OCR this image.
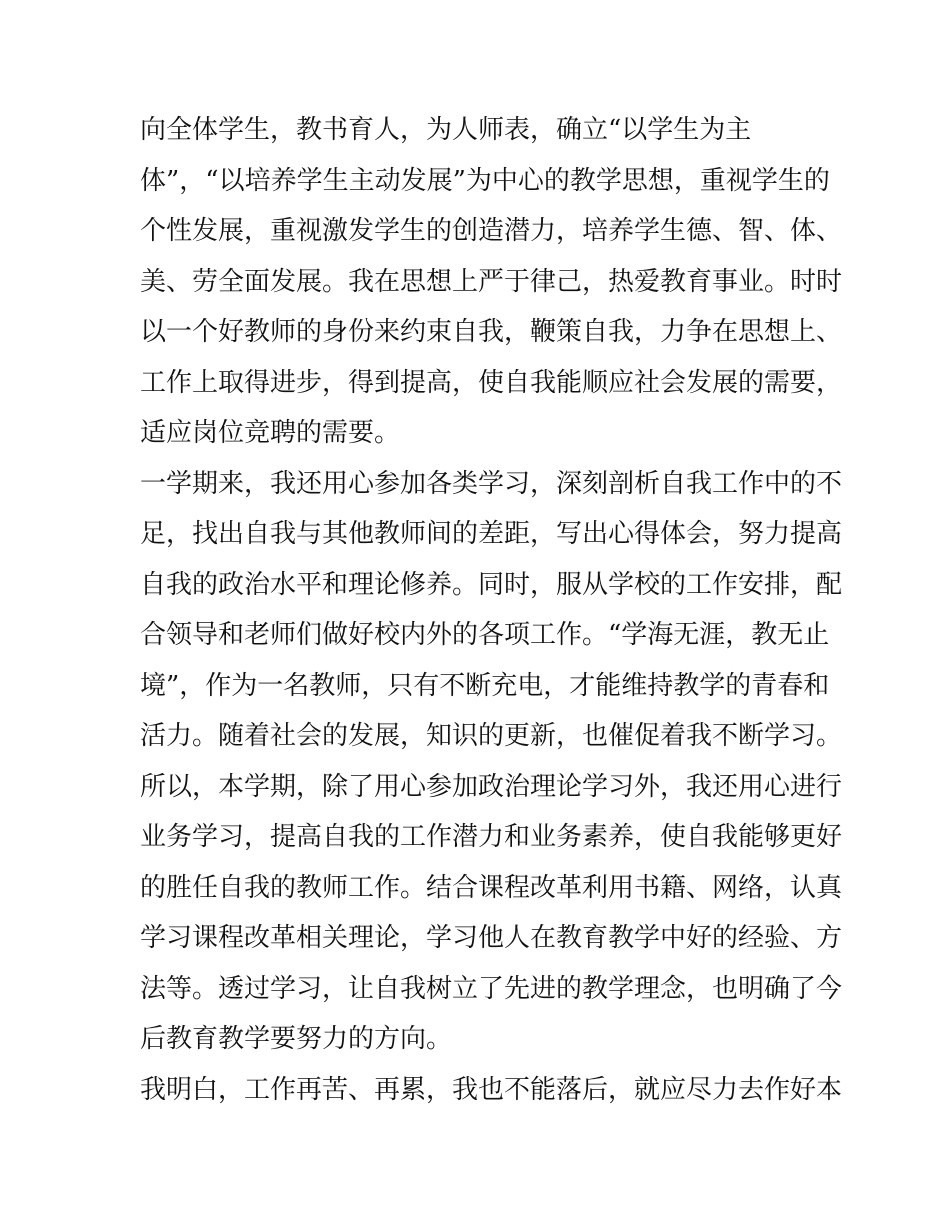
向全体学生，教书育人，为人师表，确立“以学生为主
体”，“以培养学生主动发展”为中心的教学思想，重视学生的
个性发展，重视激发学生的创造潜力，培养学生德、智、体、
美、劳全面发展。我在思想上严于律己，热爱教育事业。时时
以一个好教师的身份来约束自我，鞭策自我，力争在思想上、
工作上取得进步，得到提高，使自我能顺应社会发展的需要，
适应岗位竞聘的需要。
一学期来，我还用心参加各类学习，深刻剖析自我工作中的不
足，找出自我与其他教师间的差距，写出心得体会，努力提高
自我的政治水平和理论修养。同时，服从学校的工作安排，配
合领导和老师们做好校内外的各项工作。“学海无涯，教无止
境”，作为一名教师，只有不断充电，才能维持教学的青春和
活力。随着社会的发展，知识的更新，也催促着我不断学习。
所以，本学期，除了用心参加政治理论学习外，我还用心进行
业务学习，提高自我的工作潜力和业务素养，使自我能够更好
的胜任自我的教师工作。结合课程改革利用书籍、网络，认真
学习课程改革相关理论，学习他人在教育教学中好的经验、方
法等。透过学习，让自我树立了先进的教学理念，也明确了今
后教育教学要努力的方向。
我明白，工作再苦、再累，我也不能落后，就应尽力去作好本
